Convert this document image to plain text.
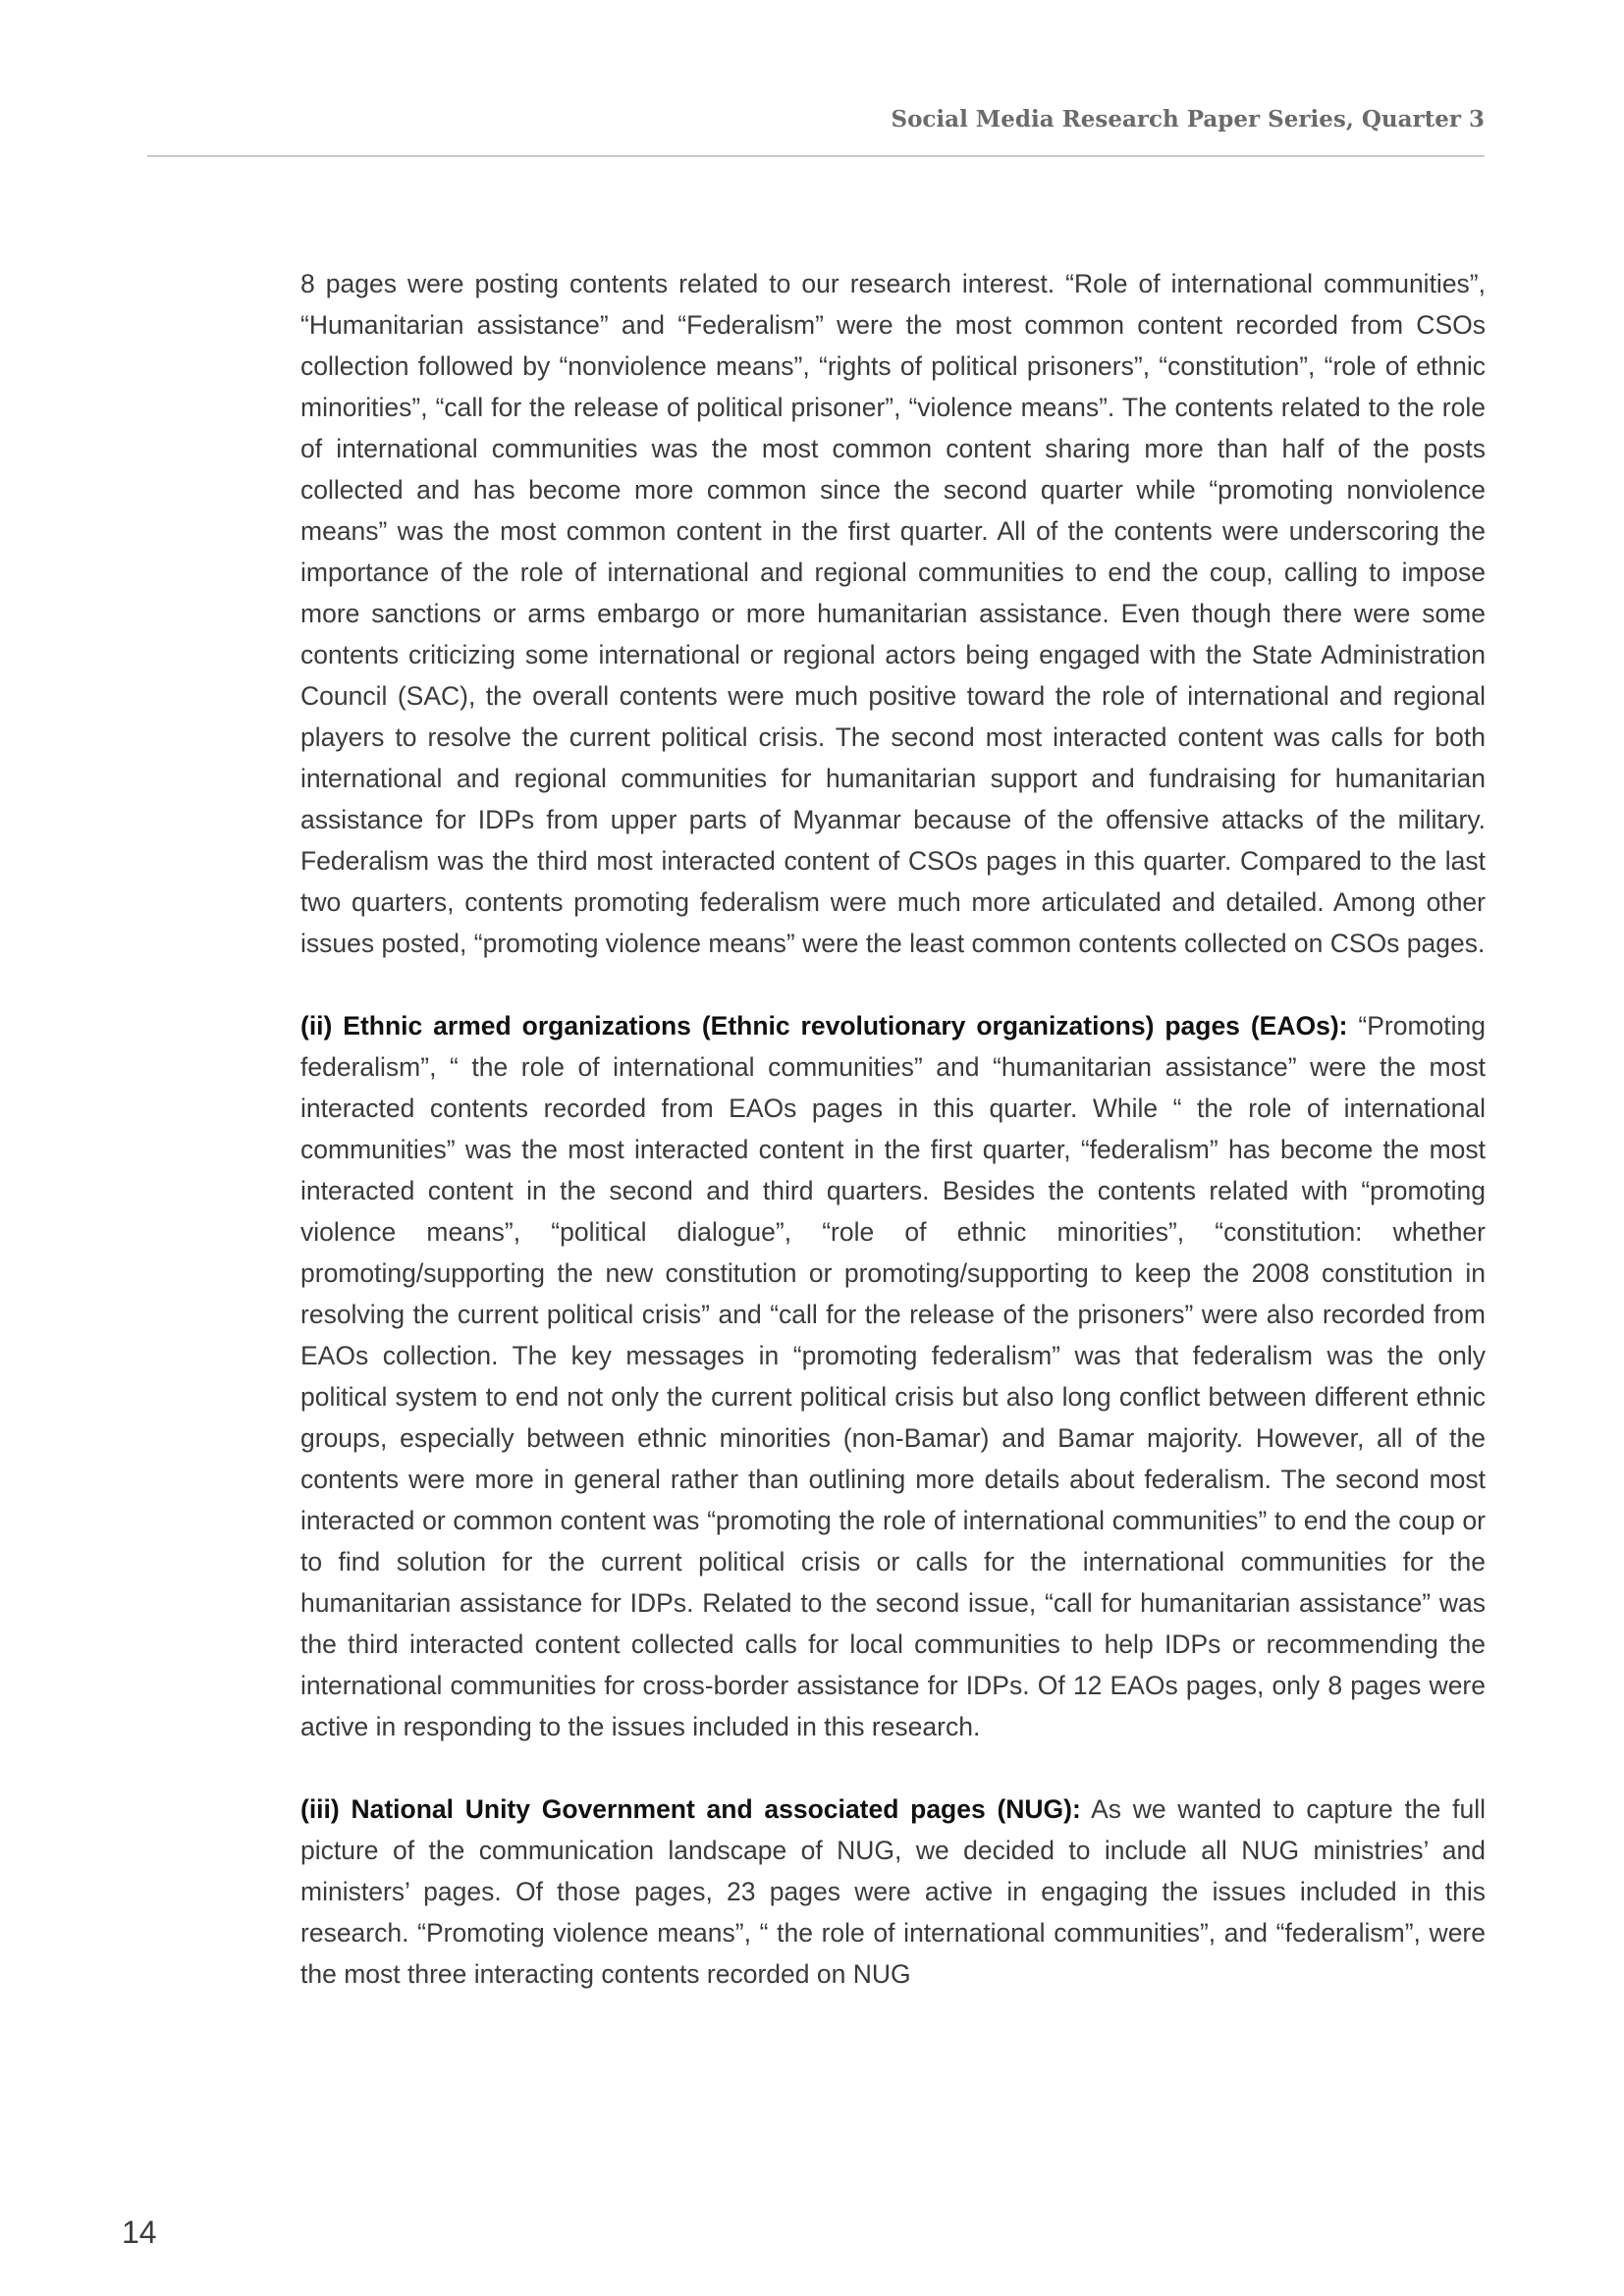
Social Media Research Paper Series, Quarter 3

8 pages were posting contents related to our research interest. “Role of international communities”, “Humanitarian assistance” and “Federalism” were the most common content recorded from CSOs collection followed by “nonviolence means”, “rights of political prisoners”, “constitution”, “role of ethnic minorities”, “call for the release of political prisoner”, “violence means”. The contents related to the role of international communities was the most common content sharing more than half of the posts collected and has become more common since the second quarter while “promoting nonviolence means” was the most common content in the first quarter. All of the contents were underscoring the importance of the role of international and regional communities to end the coup, calling to impose more sanctions or arms embargo or more humanitarian assistance. Even though there were some contents criticizing some international or regional actors being engaged with the State Administration Council (SAC), the overall contents were much positive toward the role of international and regional players to resolve the current political crisis. The second most interacted content was calls for both international and regional communities for humanitarian support and fundraising for humanitarian assistance for IDPs from upper parts of Myanmar because of the offensive attacks of the military. Federalism was the third most interacted content of CSOs pages in this quarter. Compared to the last two quarters, contents promoting federalism were much more articulated and detailed. Among other issues posted, “promoting violence means” were the least common contents collected on CSOs pages.

(ii) Ethnic armed organizations (Ethnic revolutionary organizations) pages (EAOs): “Promoting federalism”, “ the role of international communities” and “humanitarian assistance” were the most interacted contents recorded from EAOs pages in this quarter. While “ the role of international communities” was the most interacted content in the first quarter, “federalism” has become the most interacted content in the second and third quarters. Besides the contents related with “promoting violence means”, “political dialogue”, “role of ethnic minorities”, “constitution: whether promoting/supporting the new constitution or promoting/supporting to keep the 2008 constitution in resolving the current political crisis” and “call for the release of the prisoners” were also recorded from EAOs collection. The key messages in “promoting federalism” was that federalism was the only political system to end not only the current political crisis but also long conflict between different ethnic groups, especially between ethnic minorities (non-Bamar) and Bamar majority. However, all of the contents were more in general rather than outlining more details about federalism. The second most interacted or common content was “promoting the role of international communities” to end the coup or to find solution for the current political crisis or calls for the international communities for the humanitarian assistance for IDPs. Related to the second issue, “call for humanitarian assistance” was the third interacted content collected calls for local communities to help IDPs or recommending the international communities for cross-border assistance for IDPs. Of 12 EAOs pages, only 8 pages were active in responding to the issues included in this research.

(iii) National Unity Government and associated pages (NUG): As we wanted to capture the full picture of the communication landscape of NUG, we decided to include all NUG ministries’ and ministers’ pages. Of those pages, 23 pages were active in engaging the issues included in this research. “Promoting violence means”, “ the role of international communities”, and “federalism”, were the most three interacting contents recorded on NUG

14
